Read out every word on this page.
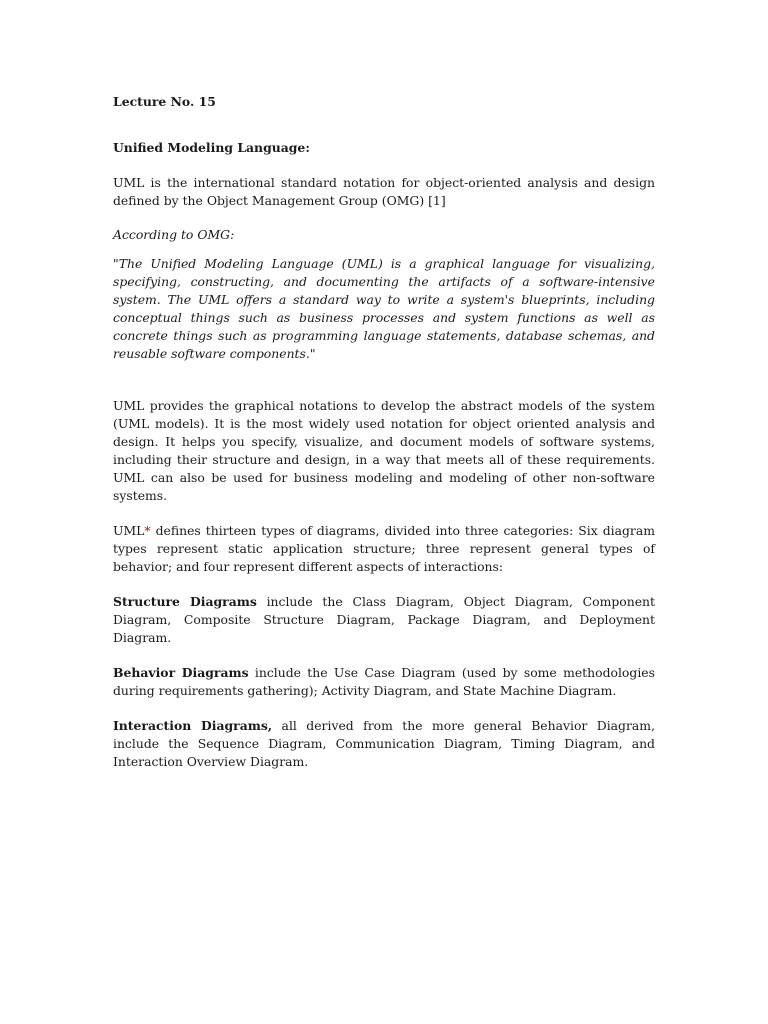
Lecture No. 15

Unified Modeling Language:

UML is the international standard notation for object-oriented analysis and design defined by the Object Management Group (OMG) [1]

According to OMG:

"The Unified Modeling Language (UML) is a graphical language for visualizing, specifying, constructing, and documenting the artifacts of a software-intensive system. The UML offers a standard way to write a system's blueprints, including conceptual things such as business processes and system functions as well as concrete things such as programming language statements, database schemas, and reusable software components."

UML provides the graphical notations to develop the abstract models of the system (UML models). It is the most widely used notation for object oriented analysis and design. It helps you specify, visualize, and document models of software systems, including their structure and design, in a way that meets all of these requirements. UML can also be used for business modeling and modeling of other non-software systems.

UML* defines thirteen types of diagrams, divided into three categories: Six diagram types represent static application structure; three represent general types of behavior; and four represent different aspects of interactions:

Structure Diagrams include the Class Diagram, Object Diagram, Component Diagram, Composite Structure Diagram, Package Diagram, and Deployment Diagram.

Behavior Diagrams include the Use Case Diagram (used by some methodologies during requirements gathering); Activity Diagram, and State Machine Diagram.

Interaction Diagrams, all derived from the more general Behavior Diagram, include the Sequence Diagram, Communication Diagram, Timing Diagram, and Interaction Overview Diagram.
